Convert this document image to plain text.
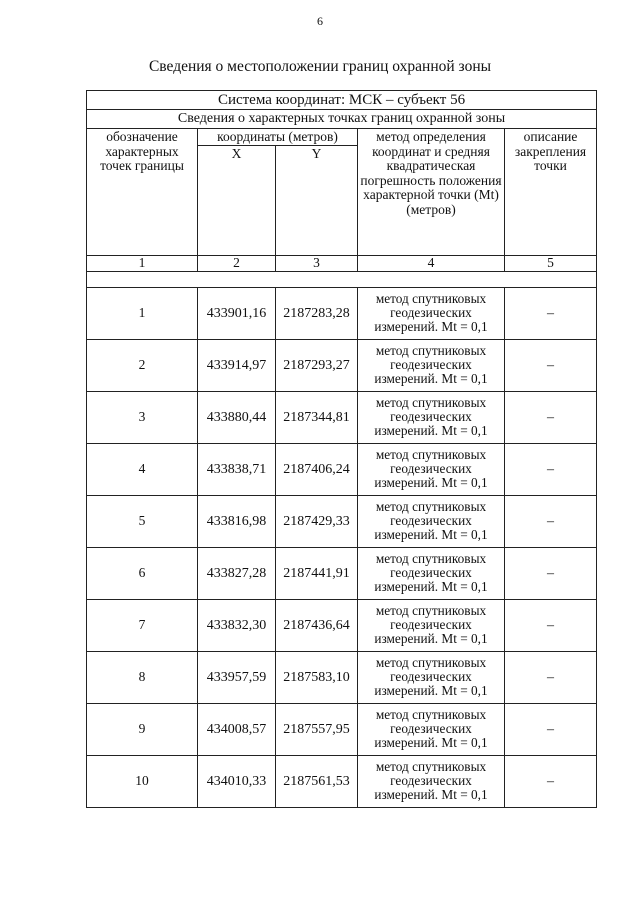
6
Сведения о местоположении границ охранной зоны
Система координат: МСК – субъект 56				
Сведения о характерных точках границ охранной зоны				
обозначение характерных точек границы	координаты (метров)		метод определения координат и средняя квадратическая погрешность положения характерной точки (Mt) (метров)	описание закрепления точки
	X	Y		
1	2	3	4	5

1	433901,16	2187283,28	метод спутниковых геодезических измерений. Mt = 0,1	–
2	433914,97	2187293,27	метод спутниковых геодезических измерений. Mt = 0,1	–
3	433880,44	2187344,81	метод спутниковых геодезических измерений. Mt = 0,1	–
4	433838,71	2187406,24	метод спутниковых геодезических измерений. Mt = 0,1	–
5	433816,98	2187429,33	метод спутниковых геодезических измерений. Mt = 0,1	–
6	433827,28	2187441,91	метод спутниковых геодезических измерений. Mt = 0,1	–
7	433832,30	2187436,64	метод спутниковых геодезических измерений. Mt = 0,1	–
8	433957,59	2187583,10	метод спутниковых геодезических измерений. Mt = 0,1	–
9	434008,57	2187557,95	метод спутниковых геодезических измерений. Mt = 0,1	–
10	434010,33	2187561,53	метод спутниковых геодезических измерений. Mt = 0,1	–
